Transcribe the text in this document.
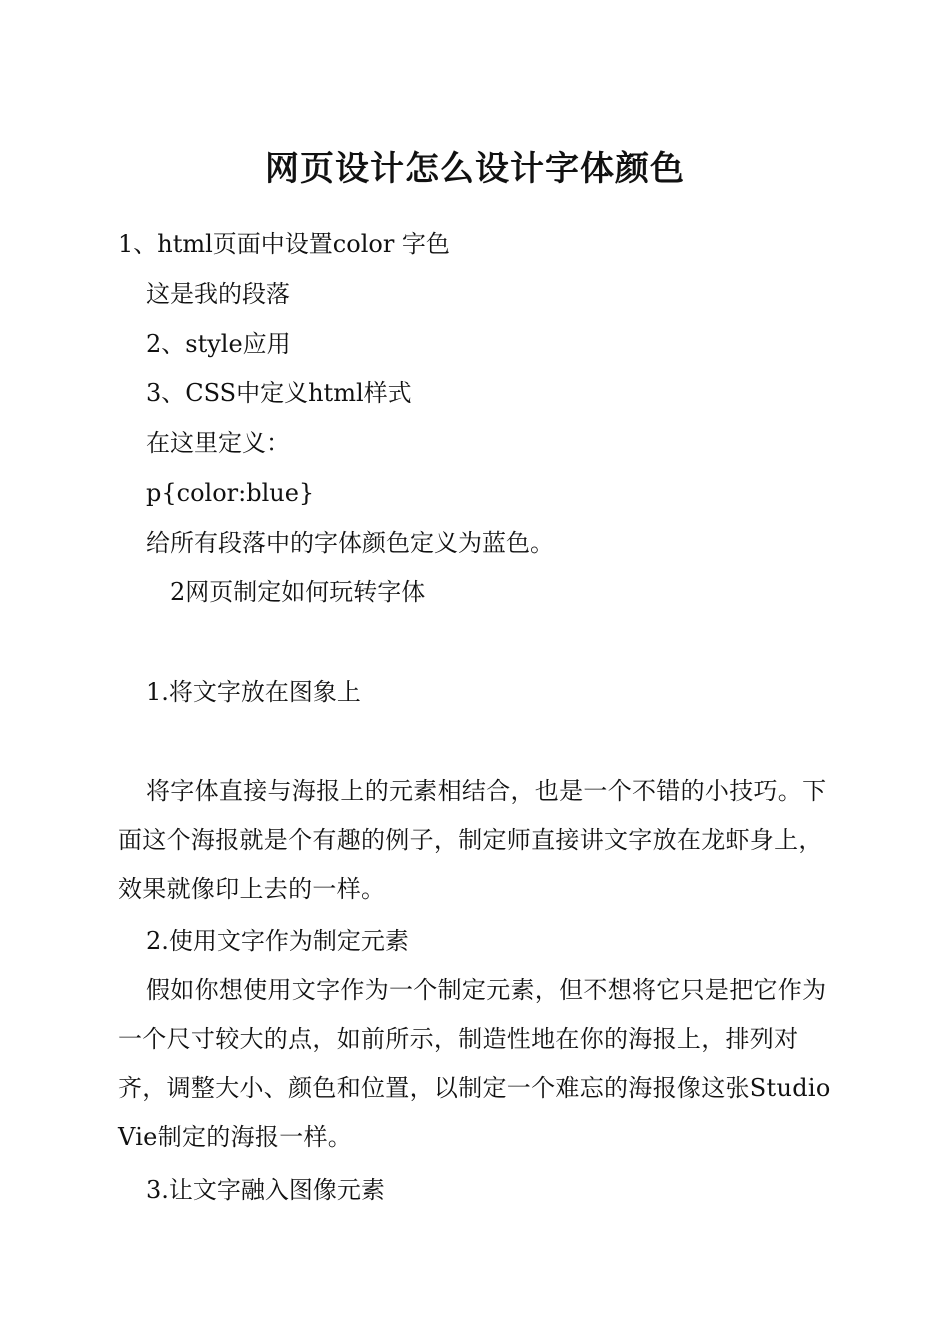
网页设计怎么设计字体颜色
1、html页面中设置color 字色
这是我的段落
2、style应用
3、CSS中定义html样式
在这里定义：
p{color:blue}
给所有段落中的字体颜色定义为蓝色。
2网页制定如何玩转字体
1.将文字放在图象上
将字体直接与海报上的元素相结合，也是一个不错的小技巧。下面这个海报就是个有趣的例子，制定师直接讲文字放在龙虾身上，效果就像印上去的一样。
2.使用文字作为制定元素
假如你想使用文字作为一个制定元素，但不想将它只是把它作为一个尺寸较大的点，如前所示，制造性地在你的海报上，排列对齐，调整大小、颜色和位置，以制定一个难忘的海报像这张Studio Vie制定的海报一样。
3.让文字融入图像元素
